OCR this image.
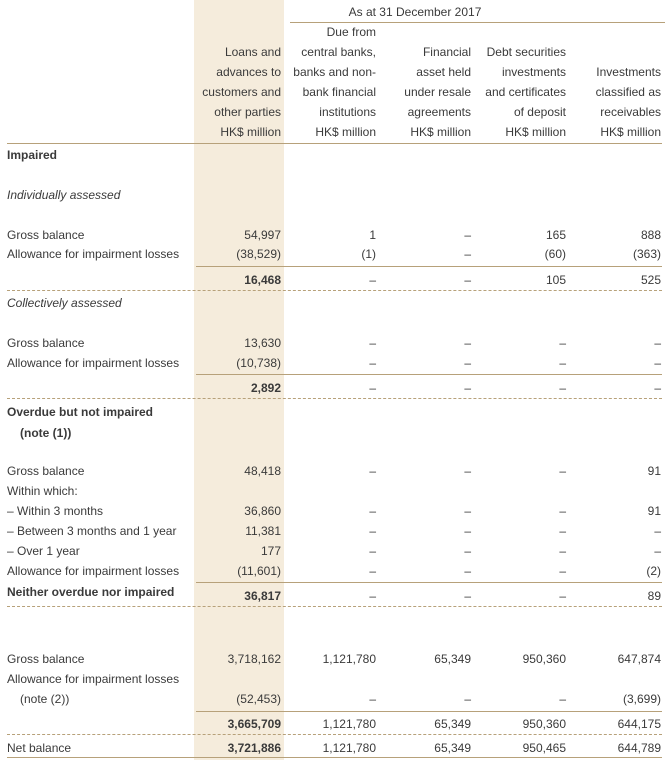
As at 31 December 2017
Loans and
advances to
customers and
other parties
HK$ million
Due from
central banks,
banks and non-
bank financial
institutions
HK$ million
Financial
asset held
under resale
agreements
HK$ million
Debt securities
investments
and certificates
of deposit
HK$ million
Investments
classified as
receivables
HK$ million
Impaired
Individually assessed
Collectively assessed
Overdue but not impaired
(note (1))
Neither overdue nor impaired
Gross balance	54,997	1	–	165	888
Allowance for impairment losses	(38,529)	(1)	–	(60)	(363)
16,468	–	–	105	525
Gross balance	13,630	–	–	–	–
Allowance for impairment losses	(10,738)	–	–	–	–
2,892	–	–	–	–
Gross balance	48,418	–	–	–	91
Within which:
– Within 3 months	36,860	–	–	–	91
– Between 3 months and 1 year	11,381	–	–	–	–
– Over 1 year	177	–	–	–	–
Allowance for impairment losses	(11,601)	–	–	–	(2)
36,817	–	–	–	89
Gross balance	3,718,162	1,121,780	65,349	950,360	647,874
Allowance for impairment losses
(note (2))	(52,453)	–	–	–	(3,699)
3,665,709	1,121,780	65,349	950,360	644,175
Net balance	3,721,886	1,121,780	65,349	950,465	644,789
